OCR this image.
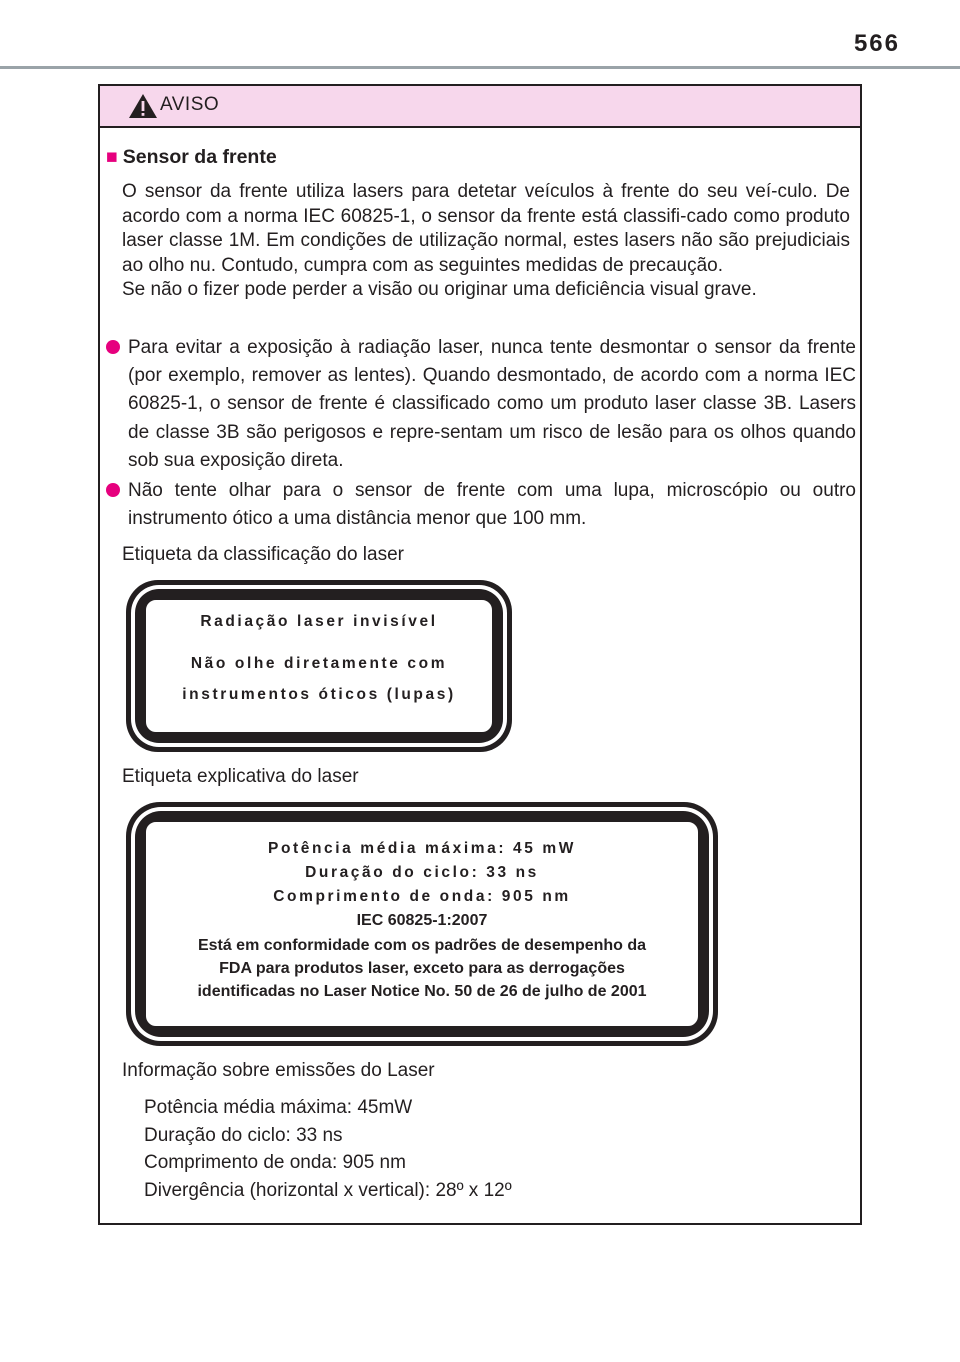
566
AVISO
■ Sensor da frente

O sensor da frente utiliza lasers para detetar veículos à frente do seu veí-culo. De acordo com a norma IEC 60825-1, o sensor da frente está classifi-cado como produto laser classe 1M. Em condições de utilização normal, estes lasers não são prejudiciais ao olho nu. Contudo, cumpra com as seguintes medidas de precaução.

Se não o fizer pode perder a visão ou originar uma deficiência visual grave.

Para evitar a exposição à radiação laser, nunca tente desmontar o sensor da frente (por exemplo, remover as lentes). Quando desmontado, de acordo com a norma IEC 60825-1, o sensor de frente é classificado como um produto laser classe 3B. Lasers de classe 3B são perigosos e repre-sentam um risco de lesão para os olhos quando sob sua exposição direta.
Não tente olhar para o sensor de frente com uma lupa, microscópio ou outro instrumento ótico a uma distância menor que 100 mm.
Etiqueta da classificação do laser
Radiação laser invisível
Não olhe diretamente com
instrumentos óticos (lupas)
Etiqueta explicativa do laser
Potência média máxima: 45 mW
Duração do ciclo: 33 ns
Comprimento de onda: 905 nm
IEC 60825-1:2007
Está em conformidade com os padrões de desempenho da
FDA para produtos laser, exceto para as derrogações
identificadas no Laser Notice No. 50 de 26 de julho de 2001
Informação sobre emissões do Laser
Potência média máxima: 45mW
Duração do ciclo: 33 ns
Comprimento de onda: 905 nm
Divergência (horizontal x vertical): 28º x 12º
